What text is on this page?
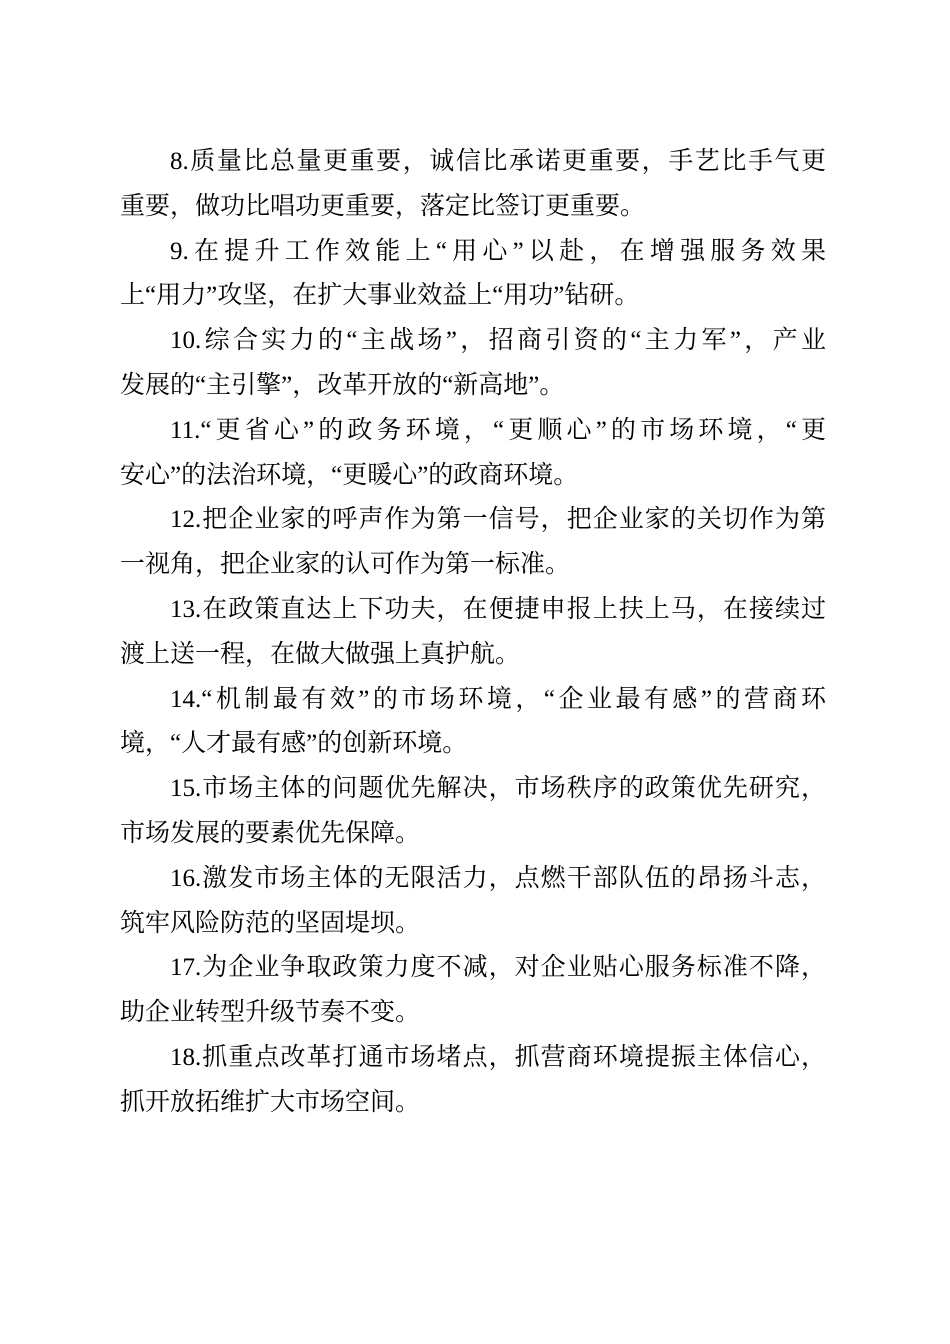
8.质量比总量更重要，诚信比承诺更重要，手艺比手气更
重要，做功比唱功更重要，落定比签订更重要。

9.在提升工作效能上“用心”以赴，在增强服务效果
上“用力”攻坚，在扩大事业效益上“用功”钻研。

10.综合实力的“主战场”，招商引资的“主力军”，产业
发展的“主引擎”，改革开放的“新高地”。

11.“更省心”的政务环境，“更顺心”的市场环境，“更
安心”的法治环境，“更暖心”的政商环境。

12.把企业家的呼声作为第一信号，把企业家的关切作为第
一视角，把企业家的认可作为第一标准。

13.在政策直达上下功夫，在便捷申报上扶上马，在接续过
渡上送一程，在做大做强上真护航。

14.“机制最有效”的市场环境，“企业最有感”的营商环
境，“人才最有感”的创新环境。

15.市场主体的问题优先解决，市场秩序的政策优先研究，
市场发展的要素优先保障。

16.激发市场主体的无限活力，点燃干部队伍的昂扬斗志，
筑牢风险防范的坚固堤坝。

17.为企业争取政策力度不减，对企业贴心服务标准不降，
助企业转型升级节奏不变。

18.抓重点改革打通市场堵点，抓营商环境提振主体信心，
抓开放拓维扩大市场空间。
